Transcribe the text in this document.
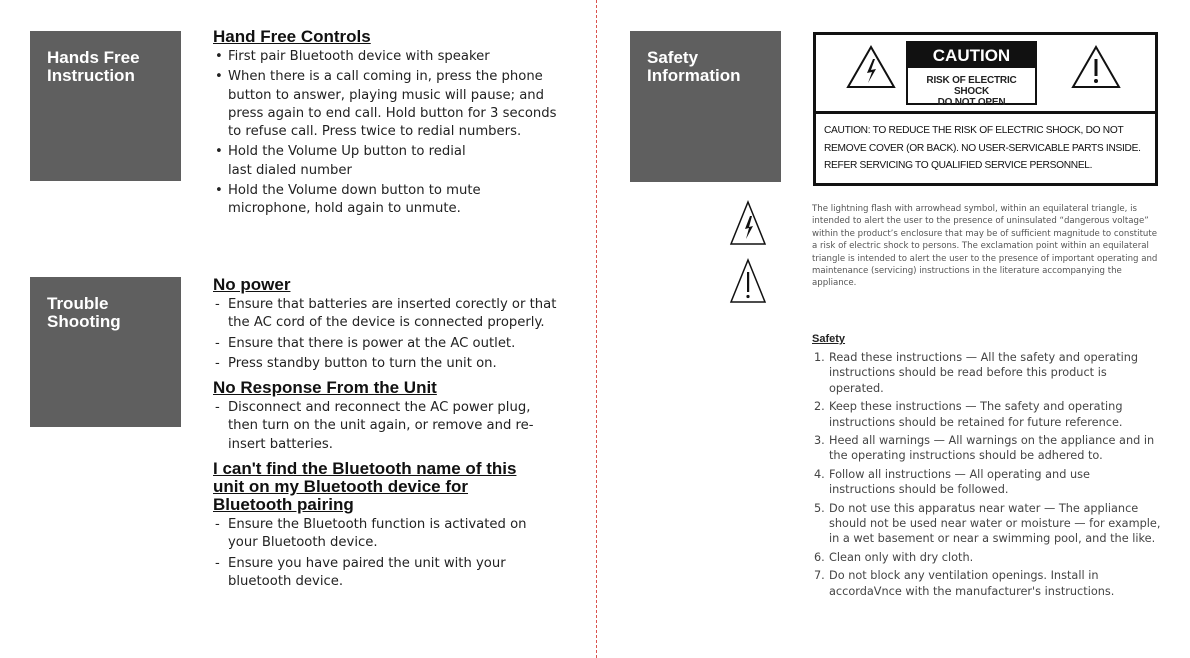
Hands Free Instruction

Hand Free Controls

• First pair Bluetooth device with speaker
• When there is a call coming in, press the phone button to answer, playing music will pause; and press again to end call. Hold button for 3 seconds to refuse call. Press twice to redial numbers.
• Hold the Volume Up button to redial last dialed number
• Hold the Volume down button to mute microphone, hold again to unmute.
Trouble Shooting

No power

- Ensure that batteries are inserted corectly or that the AC cord of the device is connected properly.
- Ensure that there is power at the AC outlet.
- Press standby button to turn the unit on.

No Response From the Unit

- Disconnect and reconnect the AC power plug, then turn on the unit again, or remove and re-insert batteries.

I can't find the Bluetooth name of this unit on my Bluetooth device for Bluetooth pairing

- Ensure the Bluetooth function is activated on your Bluetooth device.
- Ensure you have paired the unit with your bluetooth device.
Safety Information
CAUTION
RISK OF ELECTRIC SHOCK
DO NOT OPEN
CAUTION: TO REDUCE THE RISK OF ELECTRIC SHOCK, DO NOT REMOVE COVER (OR BACK). NO USER-SERVICABLE PARTS INSIDE. REFER SERVICING TO QUALIFIED SERVICE PERSONNEL.
The lightning flash with arrowhead symbol, within an equilateral triangle, is intended to alert the user to the presence of uninsulated “dangerous voltage” within the product’s enclosure that may be of sufficient magnitude to constitute a risk of electric shock to persons. The exclamation point within an equilateral triangle is intended to alert the user to the presence of important operating and maintenance (servicing) instructions in the literature accompanying the appliance.
Safety
1. Read these instructions — All the safety and operating instructions should be read before this product is operated.
2. Keep these instructions — The safety and operating instructions should be retained for future reference.
3. Heed all warnings — All warnings on the appliance and in the operating instructions should be adhered to.
4. Follow all instructions — All operating and use instructions should be followed.
5. Do not use this apparatus near water — The appliance should not be used near water or moisture — for example, in a wet basement or near a swimming pool, and the like.
6. Clean only with dry cloth.
7. Do not block any ventilation openings. Install in accordaVnce with the manufacturer's instructions.
